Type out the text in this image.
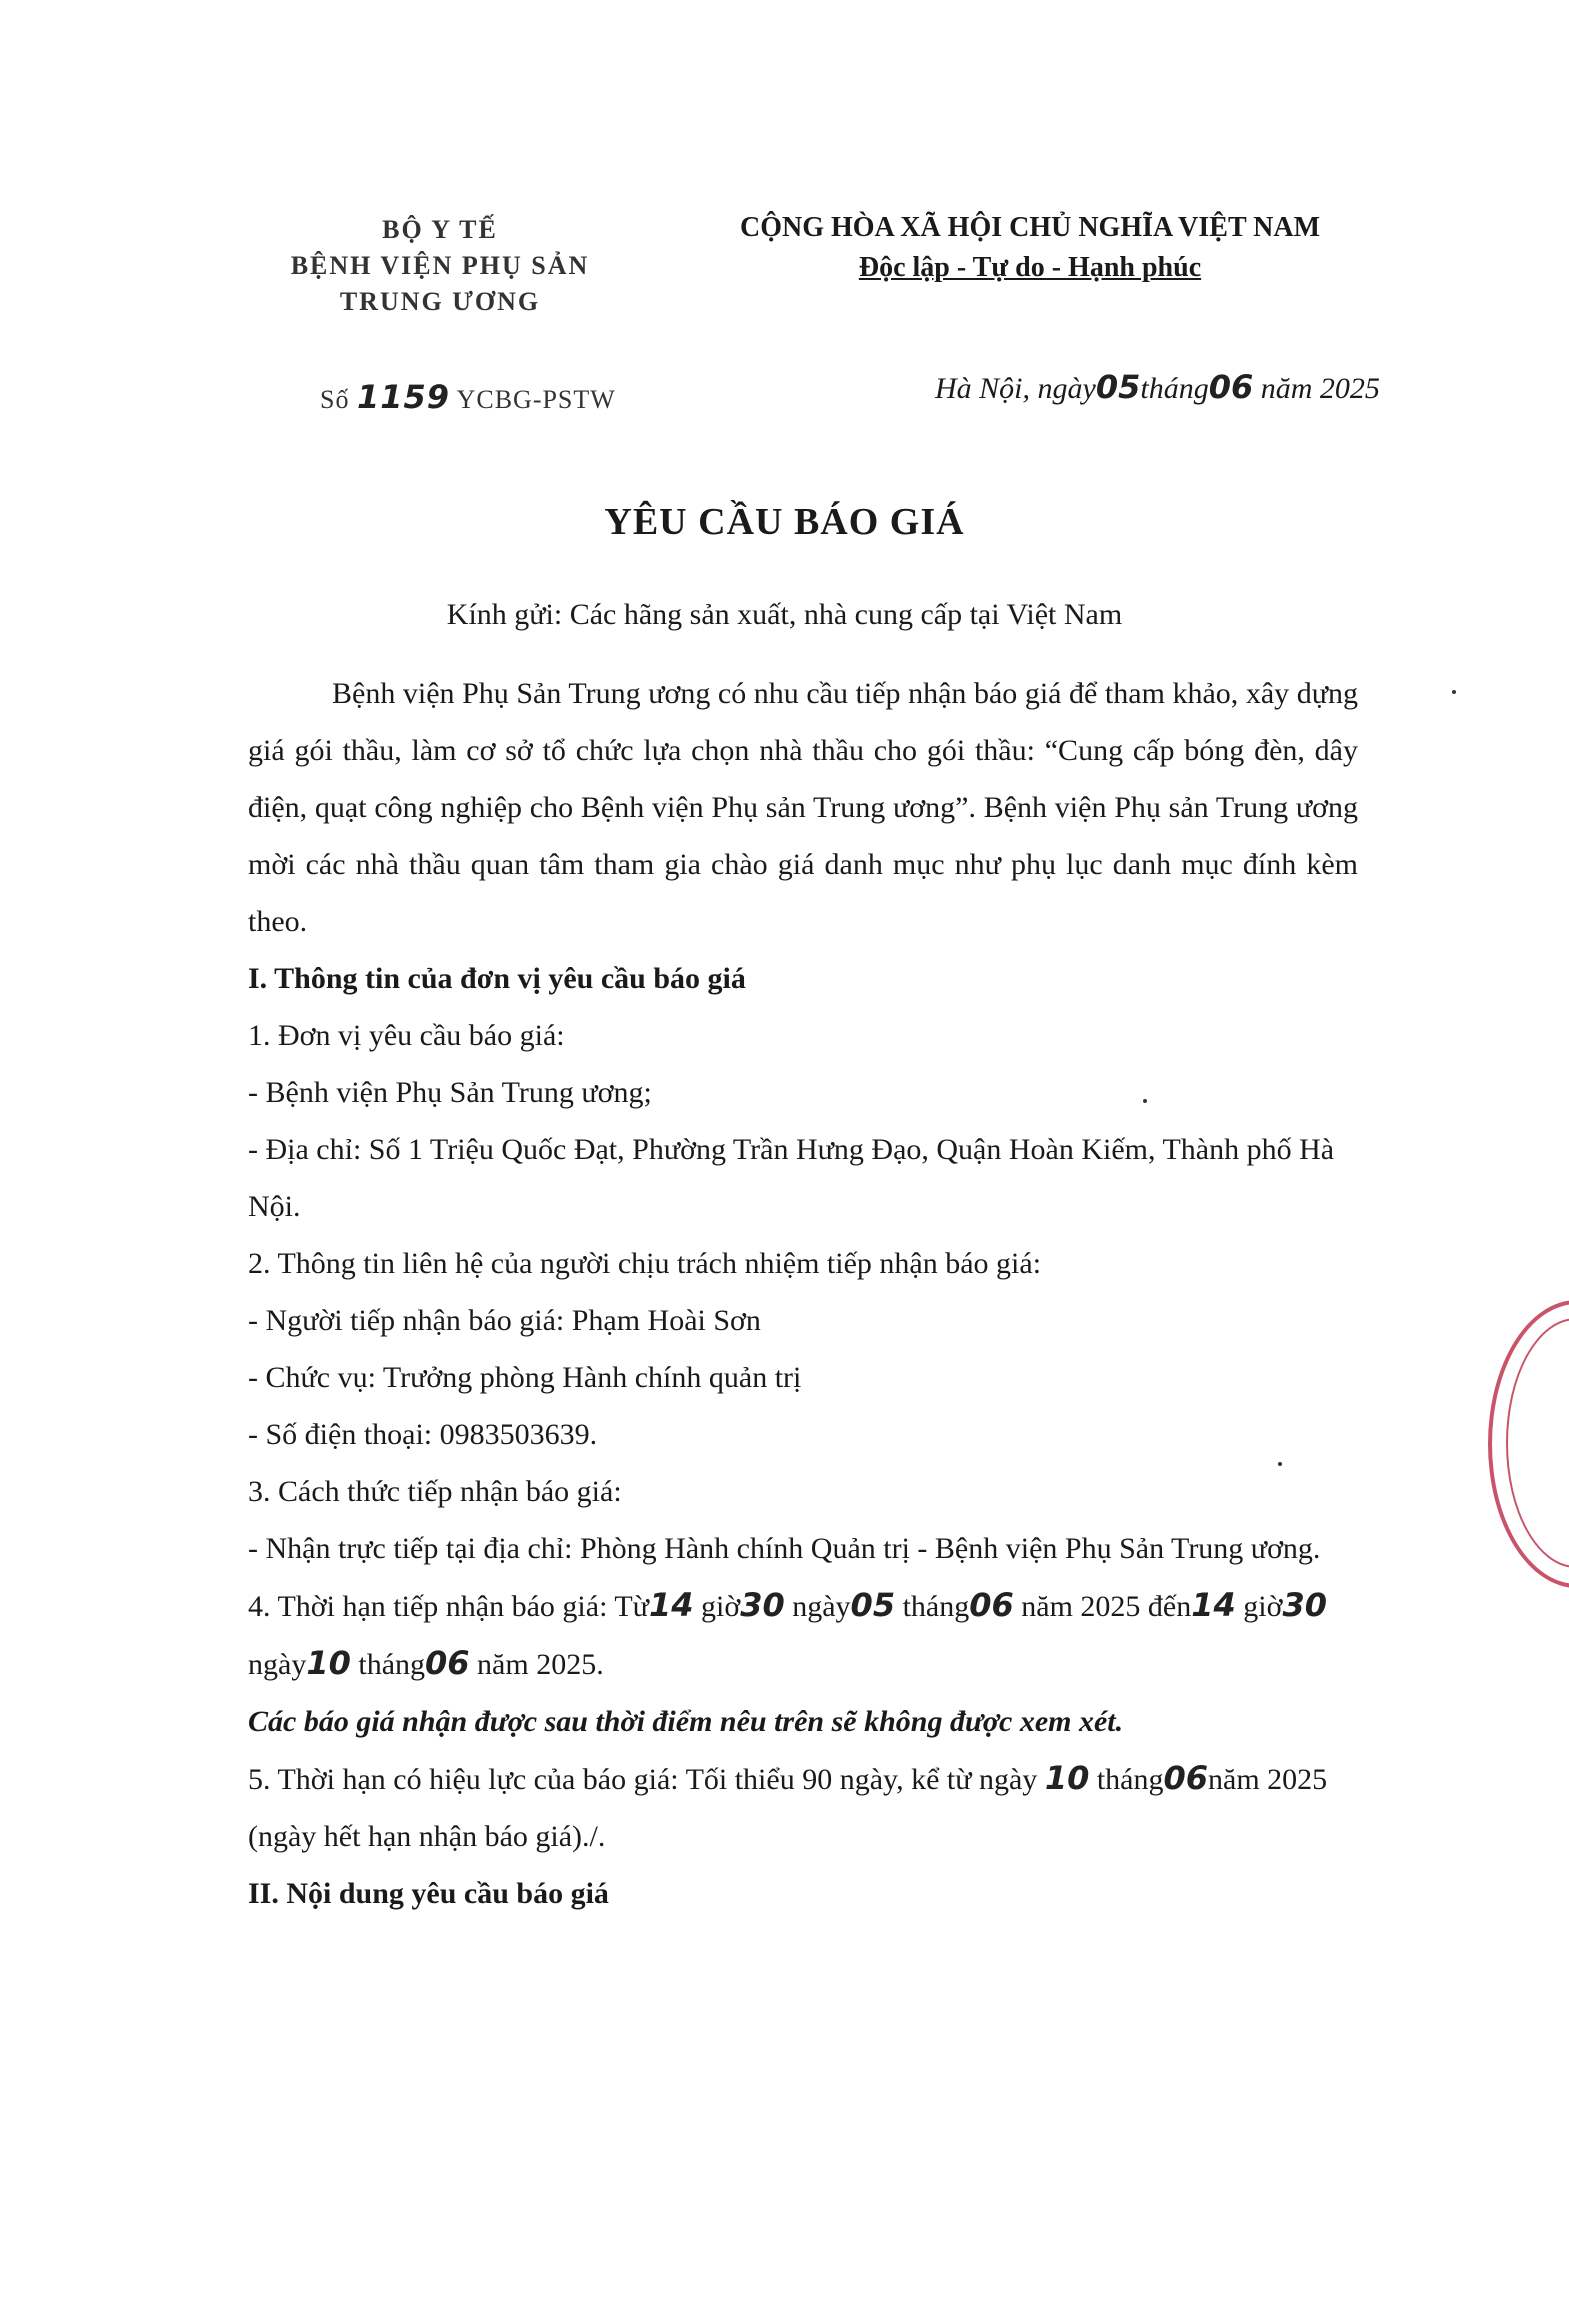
BỘ Y TẾ
BỆNH VIỆN PHỤ SẢN
TRUNG ƯƠNG
CỘNG HÒA XÃ HỘI CHỦ NGHĨA VIỆT NAM
Độc lập - Tự do - Hạnh phúc
Số 1159 YCBG-PSTW	Hà Nội, ngày05tháng06 năm 2025
YÊU CẦU BÁO GIÁ
Kính gửi: Các hãng sản xuất, nhà cung cấp tại Việt Nam

Bệnh viện Phụ Sản Trung ương có nhu cầu tiếp nhận báo giá để tham khảo, xây dựng giá gói thầu, làm cơ sở tổ chức lựa chọn nhà thầu cho gói thầu: “Cung cấp bóng đèn, dây điện, quạt công nghiệp cho Bệnh viện Phụ sản Trung ương”. Bệnh viện Phụ sản Trung ương mời các nhà thầu quan tâm tham gia chào giá danh mục như phụ lục danh mục đính kèm theo.

I. Thông tin của đơn vị yêu cầu báo giá

1. Đơn vị yêu cầu báo giá:

- Bệnh viện Phụ Sản Trung ương;

- Địa chỉ: Số 1 Triệu Quốc Đạt, Phường Trần Hưng Đạo, Quận Hoàn Kiếm, Thành phố Hà Nội.

2. Thông tin liên hệ của người chịu trách nhiệm tiếp nhận báo giá:

- Người tiếp nhận báo giá: Phạm Hoài Sơn

- Chức vụ: Trưởng phòng Hành chính quản trị

- Số điện thoại: 0983503639.

3. Cách thức tiếp nhận báo giá:

- Nhận trực tiếp tại địa chỉ: Phòng Hành chính Quản trị - Bệnh viện Phụ Sản Trung ương.

4. Thời hạn tiếp nhận báo giá: Từ14 giờ30 ngày05 tháng06 năm 2025 đến14 giờ30 ngày10 tháng06 năm 2025.

Các báo giá nhận được sau thời điểm nêu trên sẽ không được xem xét.

5. Thời hạn có hiệu lực của báo giá: Tối thiểu 90 ngày, kể từ ngày 10 tháng06năm 2025 (ngày hết hạn nhận báo giá)./.

II. Nội dung yêu cầu báo giá
